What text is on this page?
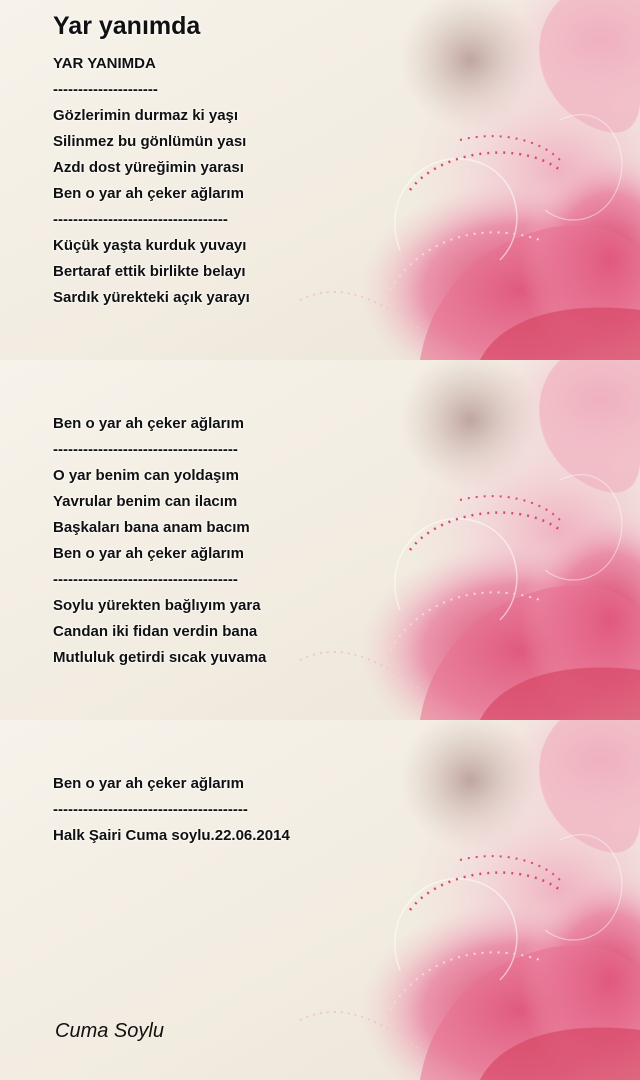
Yar yanımda
YAR YANIMDA
---------------------
Gözlerimin durmaz ki yaşı
Silinmez bu gönlümün yası
Azdı dost yüreğimin yarası
Ben o yar ah çeker ağlarım
-----------------------------------
Küçük yaşta kurduk yuvayı
Bertaraf ettik birlikte belayı
Sardık yürekteki açık yarayı
Ben o yar ah çeker ağlarım
-------------------------------------
O yar benim can yoldaşım
Yavrular benim can ilacım
Başkaları bana anam bacım
Ben o yar ah çeker ağlarım
-------------------------------------
Soylu yürekten bağlıyım yara
Candan iki fidan verdin bana
Mutluluk getirdi sıcak yuvama
Ben o yar ah çeker ağlarım
---------------------------------------
Halk Şairi Cuma soylu.22.06.2014
Cuma Soylu
